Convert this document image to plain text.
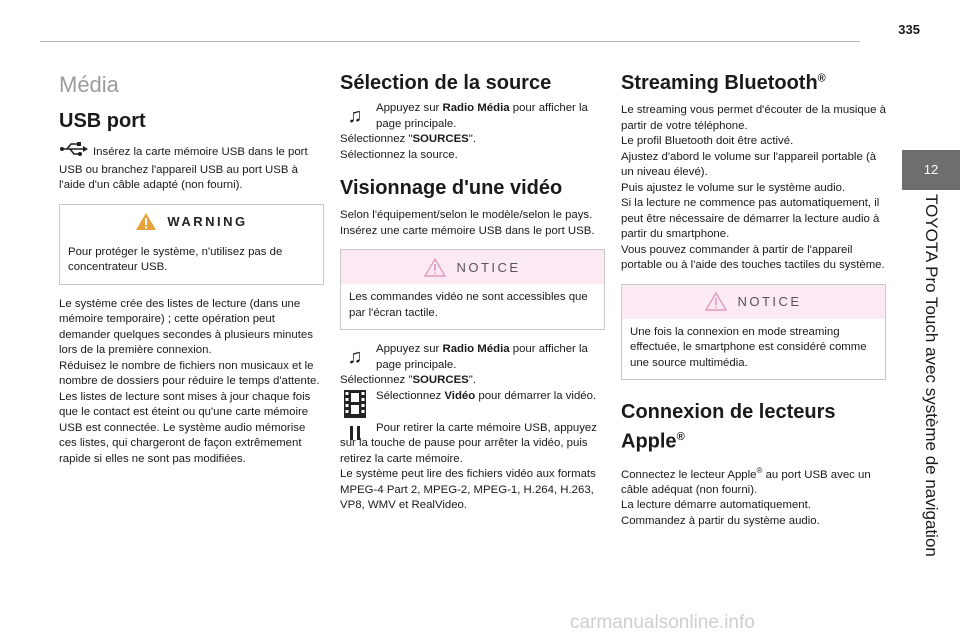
335
12
TOYOTA Pro Touch avec système de navigation
Média
USB port
Insérez la carte mémoire USB dans le port USB ou branchez l'appareil USB au port USB à l'aide d'un câble adapté (non fourni).
WARNING
Pour protéger le système, n'utilisez pas de concentrateur USB.

Le système crée des listes de lecture (dans une mémoire temporaire) ; cette opération peut demander quelques secondes à plusieurs minutes lors de la première connexion.
Réduisez le nombre de fichiers non musicaux et le nombre de dossiers pour réduire le temps d'attente.
Les listes de lecture sont mises à jour chaque fois que le contact est éteint ou qu'une carte mémoire USB est connectée. Le système audio mémorise ces listes, qui chargeront de façon extrêmement rapide si elles ne sont pas modifiées.

Sélection de la source
♫ Appuyez sur Radio Média pour afficher la page principale.

Sélectionnez "SOURCES".

Sélectionnez la source.

Visionnage d'une vidéo

Selon l'équipement/selon le modèle/selon le pays.
Insérez une carte mémoire USB dans le port USB.

NOTICE
Les commandes vidéo ne sont accessibles que par l'écran tactile.
♫ Appuyez sur Radio Média pour afficher la page principale.

Sélectionnez "SOURCES".

Sélectionnez Vidéo pour démarrer la vidéo.
Pour retirer la carte mémoire USB, appuyez sur la touche de pause pour arrêter la vidéo, puis retirez la carte mémoire.

Le système peut lire des fichiers vidéo aux formats MPEG-4 Part 2, MPEG-2, MPEG-1, H.264, H.263, VP8, WMV et RealVideo.

Streaming Bluetooth®

Le streaming vous permet d'écouter de la musique à partir de votre téléphone.
Le profil Bluetooth doit être activé.
Ajustez d'abord le volume sur l'appareil portable (à un niveau élevé).
Puis ajustez le volume sur le système audio.
Si la lecture ne commence pas automatiquement, il peut être nécessaire de démarrer la lecture audio à partir du smartphone.
Vous pouvez commander à partir de l'appareil portable ou à l'aide des touches tactiles du système.

NOTICE
Une fois la connexion en mode streaming effectuée, le smartphone est considéré comme une source multimédia.
Connexion de lecteurs
Apple®

Connectez le lecteur Apple® au port USB avec un câble adéquat (non fourni).
La lecture démarre automatiquement.
Commandez à partir du système audio.

carmanualsonline.info
